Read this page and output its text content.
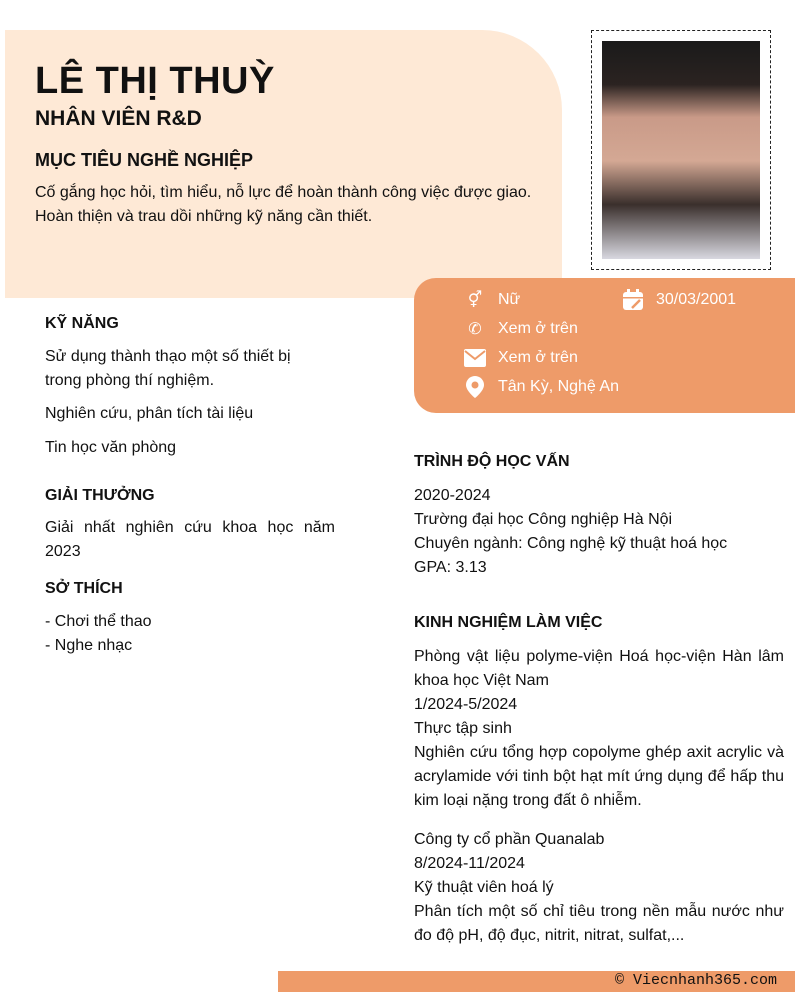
LÊ THỊ THUỲ
NHÂN VIÊN R&D
MỤC TIÊU NGHỀ NGHIỆP
Cố gắng học hỏi, tìm hiểu, nỗ lực để hoàn thành công việc được giao.
Hoàn thiện và trau dồi những kỹ năng cần thiết.
⚥ Nữ	30/03/2001
✆ Xem ở trên
Xem ở trên
Tân Kỳ, Nghệ An
KỸ NĂNG
Sử dụng thành thạo một số thiết bị trong phòng thí nghiệm.
Nghiên cứu, phân tích tài liệu
Tin học văn phòng
GIẢI THƯỞNG
Giải nhất nghiên cứu khoa học năm 2023
SỞ THÍCH
- Chơi thể thao
- Nghe nhạc
TRÌNH ĐỘ HỌC VẤN
2020-2024
Trường đại học Công nghiệp Hà Nội
Chuyên ngành: Công nghệ kỹ thuật hoá học
GPA: 3.13
KINH NGHIỆM LÀM VIỆC
Phòng vật liệu polyme-viện Hoá học-viện Hàn lâm khoa học Việt Nam
1/2024-5/2024
Thực tập sinh
Nghiên cứu tổng hợp copolyme ghép axit acrylic và acrylamide với tinh bột hạt mít ứng dụng để hấp thu kim loại nặng trong đất ô nhiễm.
Công ty cổ phần Quanalab
8/2024-11/2024
Kỹ thuật viên hoá lý
Phân tích một số chỉ tiêu trong nền mẫu nước như đo độ pH, độ đục, nitrit, nitrat, sulfat,...
© Viecnhanh365.com
